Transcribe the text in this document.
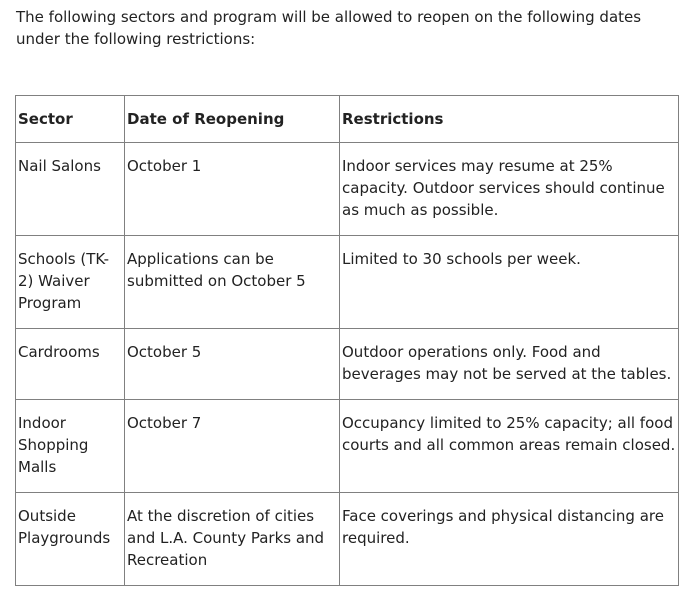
The following sectors and program will be allowed to reopen on the following dates under the following restrictions:

Sector	Date of Reopening	Restrictions
Nail Salons	October 1	Indoor services may resume at 25% capacity. Outdoor services should continue as much as possible.
Schools (TK-2) Waiver Program	Applications can be submitted on October 5	Limited to 30 schools per week.
Cardrooms	October 5	Outdoor operations only. Food and beverages may not be served at the tables.
Indoor Shopping Malls	October 7	Occupancy limited to 25% capacity; all food courts and all common areas remain closed.
Outside Playgrounds	At the discretion of cities and L.A. County Parks and Recreation	Face coverings and physical distancing are required.
